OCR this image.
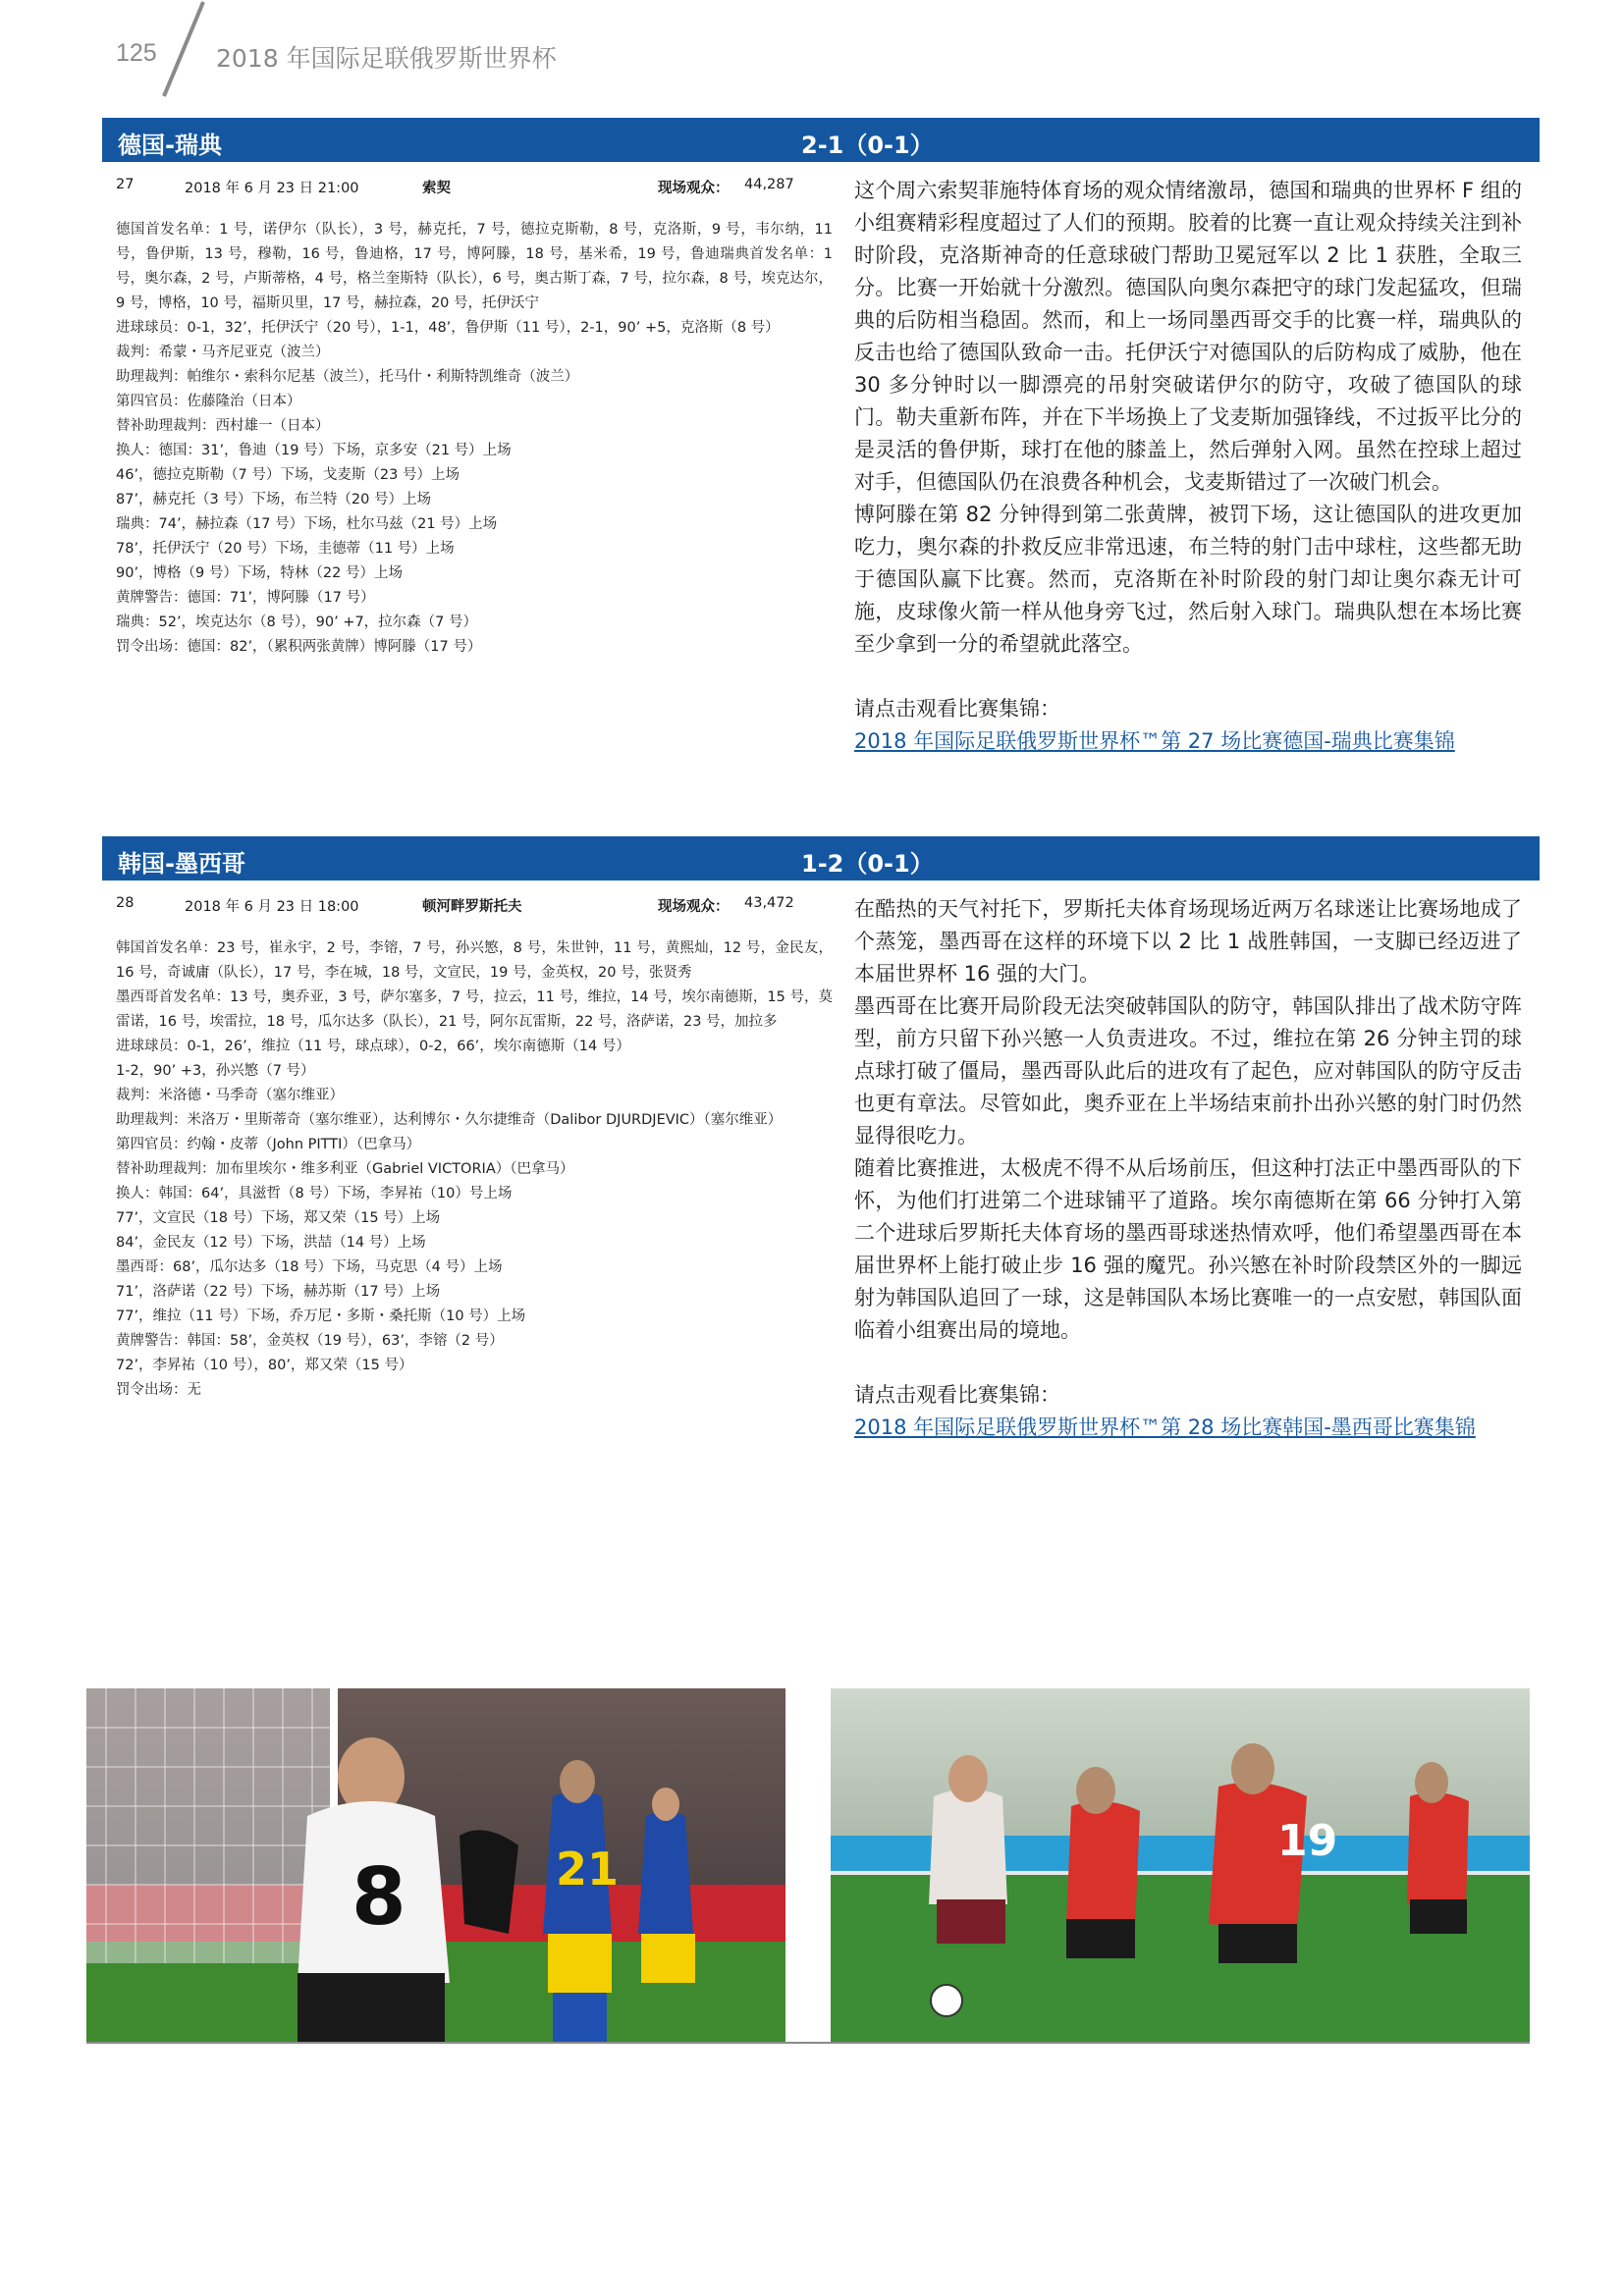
125 2018 年国际足联俄罗斯世界杯
德国-瑞典	2-1（0-1）
27	2018 年 6 月 23 日 21:00	索契	现场观众： 44,287

德国首发名单：1 号，诺伊尔（队长），3 号，赫克托，7 号，德拉克斯勒，8 号，克洛斯，9 号，韦尔纳，11 号，鲁伊斯，13 号，穆勒，16 号，鲁迪格，17 号，博阿滕，18 号，基米希，19 号，鲁迪瑞典首发名单：1 号，奥尔森，2 号，卢斯蒂格，4 号，格兰奎斯特（队长），6 号，奥古斯丁森，7 号，拉尔森，8 号，埃克达尔，9 号，博格，10 号，福斯贝里，17 号，赫拉森，20 号，托伊沃宁

进球球员：0-1，32’，托伊沃宁（20 号），1-1，48’，鲁伊斯（11 号），2-1，90’ +5，克洛斯（8 号）

裁判：希蒙・马齐尼亚克（波兰）

助理裁判：帕维尔・索科尔尼基（波兰），托马什・利斯特凯维奇（波兰）

第四官员：佐藤隆治（日本）

替补助理裁判：西村雄一（日本）

换人：德国：31’，鲁迪（19 号）下场，京多安（21 号）上场

46’，德拉克斯勒（7 号）下场，戈麦斯（23 号）上场

87’，赫克托（3 号）下场，布兰特（20 号）上场

瑞典：74’，赫拉森（17 号）下场，杜尔马兹（21 号）上场

78’，托伊沃宁（20 号）下场，圭德蒂（11 号）上场

90’，博格（9 号）下场，特林（22 号）上场

黄牌警告：德国：71’，博阿滕（17 号）

瑞典：52’，埃克达尔（8 号），90’ +7，拉尔森（7 号）

罚令出场：德国：82’，（累积两张黄牌）博阿滕（17 号）

这个周六索契菲施特体育场的观众情绪激昂，德国和瑞典的世界杯 F 组的小组赛精彩程度超过了人们的预期。胶着的比赛一直让观众持续关注到补时阶段，克洛斯神奇的任意球破门帮助卫冕冠军以 2 比 1 获胜，全取三分。比赛一开始就十分激烈。德国队向奥尔森把守的球门发起猛攻，但瑞典的后防相当稳固。然而，和上一场同墨西哥交手的比赛一样，瑞典队的反击也给了德国队致命一击。托伊沃宁对德国队的后防构成了威胁，他在 30 多分钟时以一脚漂亮的吊射突破诺伊尔的防守，攻破了德国队的球门。勒夫重新布阵，并在下半场换上了戈麦斯加强锋线，不过扳平比分的是灵活的鲁伊斯，球打在他的膝盖上，然后弹射入网。虽然在控球上超过对手，但德国队仍在浪费各种机会，戈麦斯错过了一次破门机会。

博阿滕在第 82 分钟得到第二张黄牌，被罚下场，这让德国队的进攻更加吃力，奥尔森的扑救反应非常迅速，布兰特的射门击中球柱，这些都无助于德国队赢下比赛。然而，克洛斯在补时阶段的射门却让奥尔森无计可施，皮球像火箭一样从他身旁飞过，然后射入球门。瑞典队想在本场比赛至少拿到一分的希望就此落空。

请点击观看比赛集锦：

2018 年国际足联俄罗斯世界杯™第 27 场比赛德国-瑞典比赛集锦

韩国-墨西哥	1-2（0-1）
28	2018 年 6 月 23 日 18:00	顿河畔罗斯托夫	现场观众： 43,472

韩国首发名单：23 号，崔永宇，2 号，李镕，7 号，孙兴慜，8 号，朱世钟，11 号，黄熙灿，12 号，金民友，16 号，奇诚庸（队长），17 号，李在城，18 号，文宣民，19 号，金英权，20 号，张贤秀

墨西哥首发名单：13 号，奥乔亚，3 号，萨尔塞多，7 号，拉云，11 号，维拉，14 号，埃尔南德斯，15 号，莫雷诺，16 号，埃雷拉，18 号，瓜尔达多（队长），21 号，阿尔瓦雷斯，22 号，洛萨诺，23 号，加拉多

进球球员：0-1，26’，维拉（11 号，球点球），0-2，66’，埃尔南德斯（14 号）

1-2，90’ +3，孙兴慜（7 号）

裁判：米洛德・马季奇（塞尔维亚）

助理裁判：米洛万・里斯蒂奇（塞尔维亚），达利博尔・久尔捷维奇（Dalibor DJURDJEVIC）（塞尔维亚）

第四官员：约翰・皮蒂（John PITTI）（巴拿马）

替补助理裁判：加布里埃尔・维多利亚（Gabriel VICTORIA）（巴拿马）

换人：韩国：64’，具滋哲（8 号）下场，李昇祐（10）号上场

77’，文宣民（18 号）下场，郑又荣（15 号）上场

84’，金民友（12 号）下场，洪喆（14 号）上场

墨西哥：68’，瓜尔达多（18 号）下场，马克思（4 号）上场

71’，洛萨诺（22 号）下场，赫苏斯（17 号）上场

77’，维拉（11 号）下场，乔万尼・多斯・桑托斯（10 号）上场

黄牌警告：韩国：58’，金英权（19 号），63’，李镕（2 号）

72’，李昇祐（10 号），80’，郑又荣（15 号）

罚令出场：无

在酷热的天气衬托下，罗斯托夫体育场现场近两万名球迷让比赛场地成了个蒸笼，墨西哥在这样的环境下以 2 比 1 战胜韩国，一支脚已经迈进了本届世界杯 16 强的大门。

墨西哥在比赛开局阶段无法突破韩国队的防守，韩国队排出了战术防守阵型，前方只留下孙兴慜一人负责进攻。不过，维拉在第 26 分钟主罚的球点球打破了僵局，墨西哥队此后的进攻有了起色，应对韩国队的防守反击也更有章法。尽管如此，奥乔亚在上半场结束前扑出孙兴慜的射门时仍然显得很吃力。

随着比赛推进，太极虎不得不从后场前压，但这种打法正中墨西哥队的下怀，为他们打进第二个进球铺平了道路。埃尔南德斯在第 66 分钟打入第二个进球后罗斯托夫体育场的墨西哥球迷热情欢呼，他们希望墨西哥在本届世界杯上能打破止步 16 强的魔咒。孙兴慜在补时阶段禁区外的一脚远射为韩国队追回了一球，这是韩国队本场比赛唯一的一点安慰，韩国队面临着小组赛出局的境地。

请点击观看比赛集锦：

2018 年国际足联俄罗斯世界杯™第 28 场比赛韩国-墨西哥比赛集锦

8	21
19
